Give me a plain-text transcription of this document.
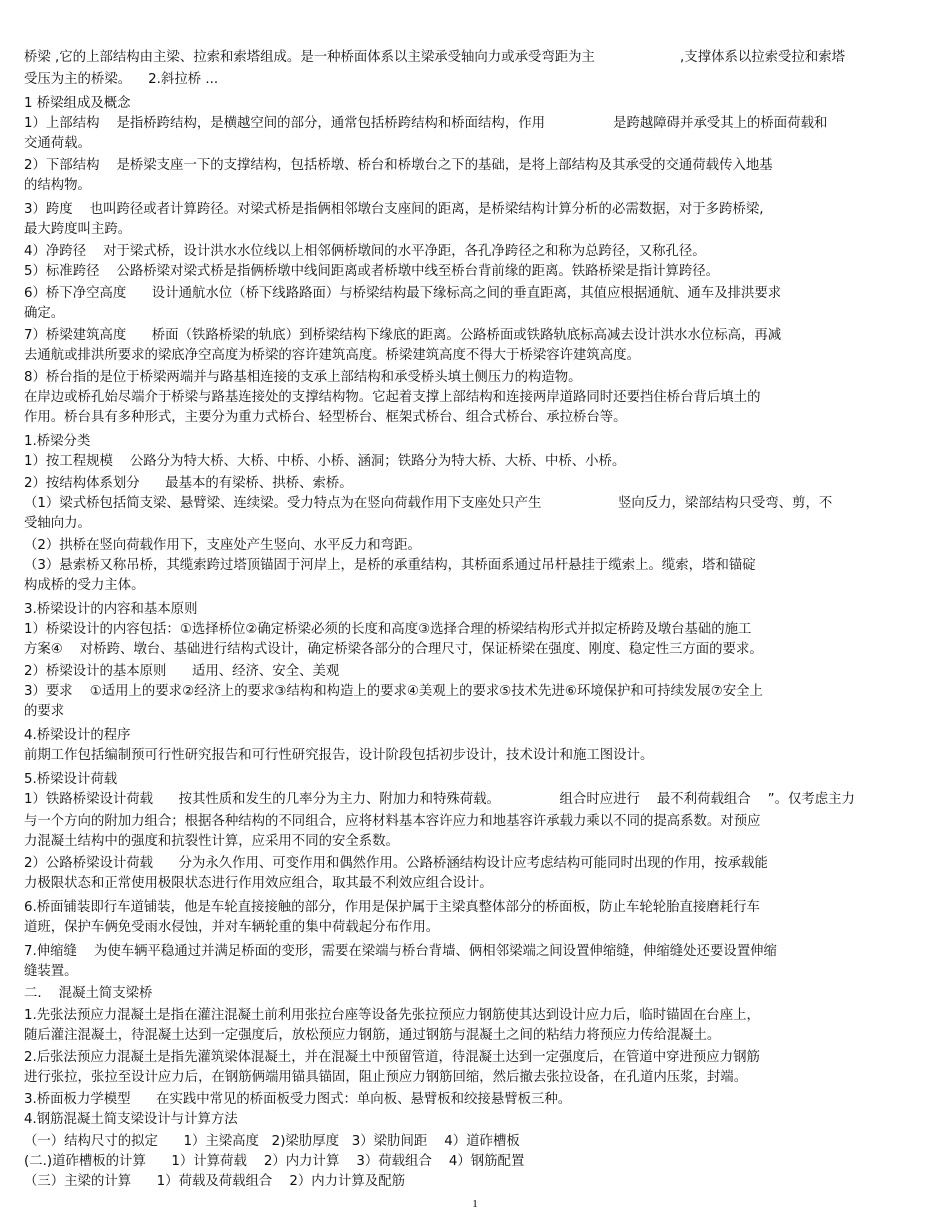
桥梁 ,它的上部结构由主梁、拉索和索塔组成。是一种桥面体系以主梁承受轴向力或承受弯距为主                    ,支撑体系以拉索受拉和索塔
受压为主的桥梁。    2.斜拉桥 ...
1 桥梁组成及概念
1）上部结构    是指桥跨结构，是横越空间的部分，通常包括桥跨结构和桥面结构，作用                是跨越障碍并承受其上的桥面荷载和
交通荷载。
2）下部结构    是桥梁支座一下的支撑结构，包括桥墩、桥台和桥墩台之下的基础，是将上部结构及其承受的交通荷载传入地基
的结构物。
3）跨度    也叫跨径或者计算跨径。对梁式桥是指俩相邻墩台支座间的距离，是桥梁结构计算分析的必需数据，对于多跨桥梁,
最大跨度叫主跨。
4）净跨径    对于梁式桥，设计洪水水位线以上相邻俩桥墩间的水平净距，各孔净跨径之和称为总跨径，又称孔径。
5）标准跨径    公路桥梁对梁式桥是指俩桥墩中线间距离或者桥墩中线至桥台背前缘的距离。铁路桥梁是指计算跨径。
6）桥下净空高度      设计通航水位（桥下线路路面）与桥梁结构最下缘标高之间的垂直距离，其值应根据通航、通车及排洪要求
确定。
7）桥梁建筑高度      桥面（铁路桥梁的轨底）到桥梁结构下缘底的距离。公路桥面或铁路轨底标高减去设计洪水水位标高，再减
去通航或排洪所要求的梁底净空高度为桥梁的容许建筑高度。桥梁建筑高度不得大于桥梁容许建筑高度。
8）桥台指的是位于桥梁两端并与路基相连接的支承上部结构和承受桥头填土侧压力的构造物。
在岸边或桥孔始尽端介于桥梁与路基连接处的支撑结构物。它起着支撑上部结构和连接两岸道路同时还要挡住桥台背后填土的
作用。桥台具有多种形式，主要分为重力式桥台、轻型桥台、框架式桥台、组合式桥台、承拉桥台等。
1.桥梁分类
1）按工程规模    公路分为特大桥、大桥、中桥、小桥、涵洞；铁路分为特大桥、大桥、中桥、小桥。
2）按结构体系划分      最基本的有梁桥、拱桥、索桥。
（1）梁式桥包括简支梁、悬臂梁、连续梁。受力特点为在竖向荷载作用下支座处只产生                  竖向反力，梁部结构只受弯、剪，不
受轴向力。
（2）拱桥在竖向荷载作用下，支座处产生竖向、水平反力和弯距。
（3）悬索桥又称吊桥，其缆索跨过塔顶锚固于河岸上，是桥的承重结构，其桥面系通过吊杆悬挂于缆索上。缆索，塔和锚碇
构成桥的受力主体。
3.桥梁设计的内容和基本原则
1）桥梁设计的内容包括：①选择桥位②确定桥梁必须的长度和高度③选择合理的桥梁结构形式并拟定桥跨及墩台基础的施工
方案④    对桥跨、墩台、基础进行结构式设计，确定桥梁各部分的合理尺寸，保证桥梁在强度、刚度、稳定性三方面的要求。
2）桥梁设计的基本原则      适用、经济、安全、美观
3）要求    ①适用上的要求②经济上的要求③结构和构造上的要求④美观上的要求⑤技术先进⑥环境保护和可持续发展⑦安全上
的要求
4.桥梁设计的程序
前期工作包括编制预可行性研究报告和可行性研究报告，设计阶段包括初步设计，技术设计和施工图设计。
5.桥梁设计荷载
1）铁路桥梁设计荷载      按其性质和发生的几率分为主力、附加力和特殊荷载。              组合时应进行    最不利荷载组合    ”。仅考虑主力
与一个方向的附加力组合；根据各种结构的不同组合，应将材料基本容许应力和地基容许承载力乘以不同的提高系数。对预应
力混凝土结构中的强度和抗裂性计算，应采用不同的安全系数。
2）公路桥梁设计荷载      分为永久作用、可变作用和偶然作用。公路桥涵结构设计应考虑结构可能同时出现的作用，按承载能
力极限状态和正常使用极限状态进行作用效应组合，取其最不利效应组合设计。
6.桥面铺装即行车道铺装，他是车轮直接接触的部分，作用是保护属于主梁真整体部分的桥面板，防止车轮轮胎直接磨耗行车
道班，保护车俩免受雨水侵蚀，并对车辆轮重的集中荷载起分布作用。
7.伸缩缝    为使车辆平稳通过并满足桥面的变形，需要在梁端与桥台背墙、俩相邻梁端之间设置伸缩缝，伸缩缝处还要设置伸缩
缝装置。
二.    混凝土简支梁桥
1.先张法预应力混凝土是指在灌注混凝土前利用张拉台座等设备先张拉预应力钢筋使其达到设计应力后，临时锚固在台座上，
随后灌注混凝土，待混凝土达到一定强度后，放松预应力钢筋，通过钢筋与混凝土之间的粘结力将预应力传给混凝土。
2.后张法预应力混凝土是指先灌筑梁体混凝土，并在混凝土中预留管道，待混凝土达到一定强度后，在管道中穿进预应力钢筋
进行张拉，张拉至设计应力后，在钢筋俩端用锚具锚固，阻止预应力钢筋回缩，然后撤去张拉设备，在孔道内压浆，封端。
3.桥面板力学模型      在实践中常见的桥面板受力图式：单向板、悬臂板和绞接悬臂板三种。
4.钢筋混凝土简支梁设计与计算方法
（一）结构尺寸的拟定      1）主梁高度   2)梁肋厚度   3）梁肋间距    4）道砟槽板
(二.)道砟槽板的计算      1）计算荷载    2）内力计算    3）荷载组合    4）钢筋配置
（三）主梁的计算      1）荷载及荷载组合    2）内力计算及配筋
1
